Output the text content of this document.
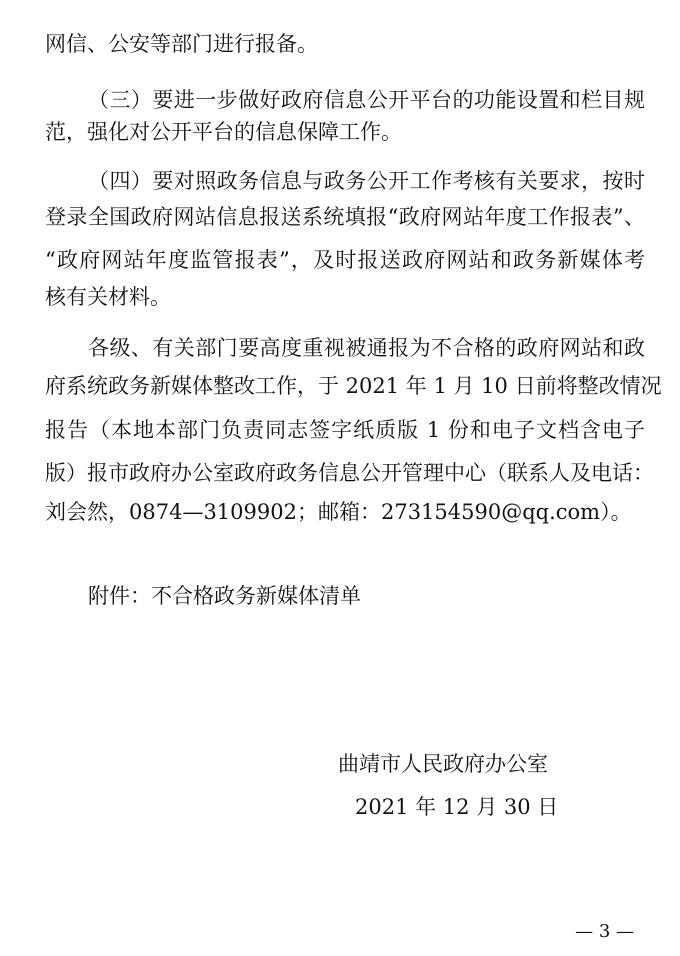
网信、公安等部门进行报备。
（三）要进一步做好政府信息公开平台的功能设置和栏目规
范，强化对公开平台的信息保障工作。
（四）要对照政务信息与政务公开工作考核有关要求，按时
登录全国政府网站信息报送系统填报“政府网站年度工作报表”、
“政府网站年度监管报表”，及时报送政府网站和政务新媒体考
核有关材料。
各级、有关部门要高度重视被通报为不合格的政府网站和政
府系统政务新媒体整改工作，于 2021 年 1 月 10 日前将整改情况
报告（本地本部门负责同志签字纸质版 1 份和电子文档含电子
版）报市政府办公室政府政务信息公开管理中心（联系人及电话：
刘会然，0874—3109902；邮箱：273154590@qq.com）。
附件：不合格政务新媒体清单
曲靖市人民政府办公室
2021 年 12 月 30 日
— 3 —
